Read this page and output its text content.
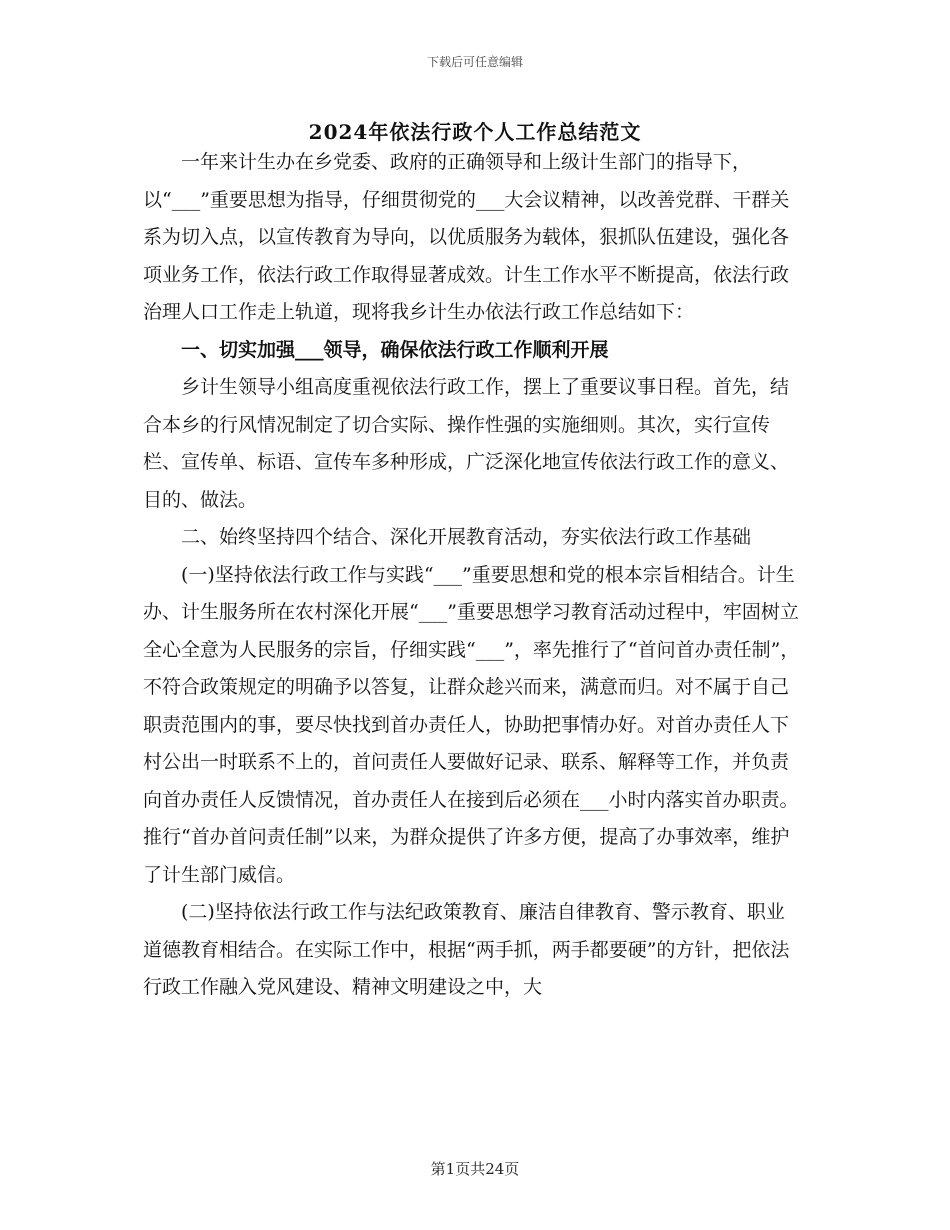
下载后可任意编辑
2024年依法行政个人工作总结范文

一年来计生办在乡党委、政府的正确领导和上级计生部门的指导下，以“___”重要思想为指导，仔细贯彻党的___大会议精神，以改善党群、干群关系为切入点，以宣传教育为导向，以优质服务为载体，狠抓队伍建设，强化各项业务工作，依法行政工作取得显著成效。计生工作水平不断提高，依法行政治理人口工作走上轨道，现将我乡计生办依法行政工作总结如下：

一、切实加强___领导，确保依法行政工作顺利开展

乡计生领导小组高度重视依法行政工作，摆上了重要议事日程。首先，结合本乡的行风情况制定了切合实际、操作性强的实施细则。其次，实行宣传栏、宣传单、标语、宣传车多种形成，广泛深化地宣传依法行政工作的意义、目的、做法。

二、始终坚持四个结合、深化开展教育活动，夯实依法行政工作基础

(一)坚持依法行政工作与实践“___”重要思想和党的根本宗旨相结合。计生办、计生服务所在农村深化开展“___”重要思想学习教育活动过程中，牢固树立全心全意为人民服务的宗旨，仔细实践“___”，率先推行了“首问首办责任制”，不符合政策规定的明确予以答复，让群众趁兴而来，满意而归。对不属于自己职责范围内的事，要尽快找到首办责任人，协助把事情办好。对首办责任人下村公出一时联系不上的，首问责任人要做好记录、联系、解释等工作，并负责向首办责任人反馈情况，首办责任人在接到后必须在___小时内落实首办职责。推行“首办首问责任制”以来，为群众提供了许多方便，提高了办事效率，维护了计生部门威信。

(二)坚持依法行政工作与法纪政策教育、廉洁自律教育、警示教育、职业道德教育相结合。在实际工作中，根据“两手抓，两手都要硬”的方针，把依法行政工作融入党风建设、精神文明建设之中，大

第1页共24页
